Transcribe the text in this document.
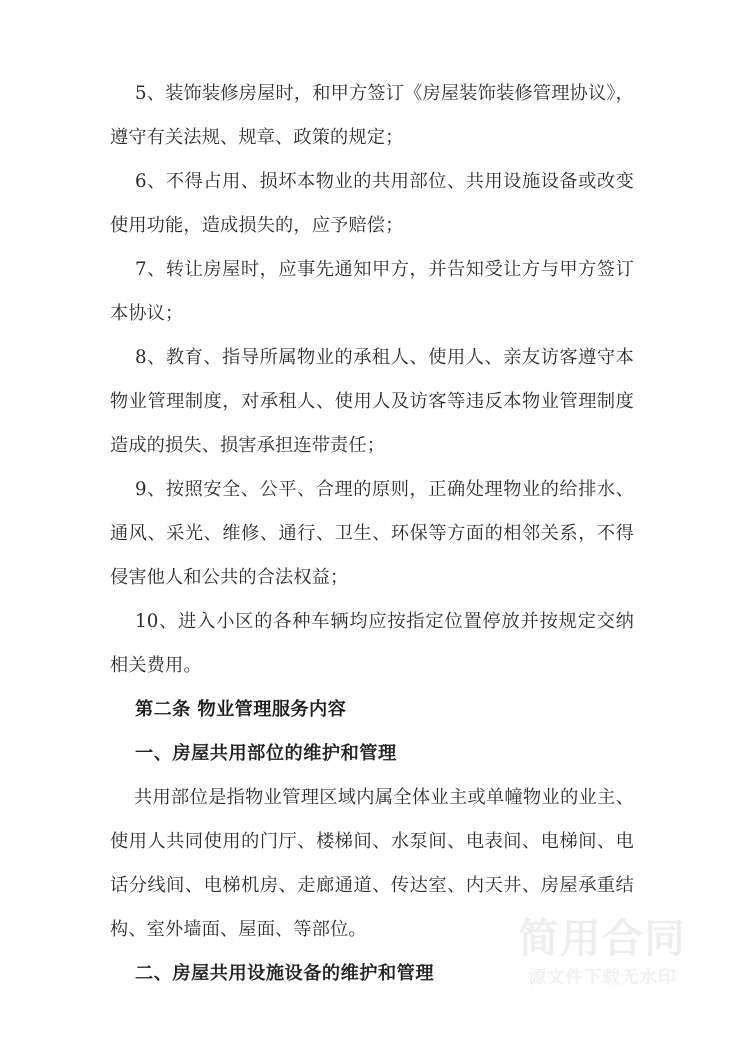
5、装饰装修房屋时，和甲方签订《房屋装饰装修管理协议》，遵守有关法规、规章、政策的规定；

6、不得占用、损坏本物业的共用部位、共用设施设备或改变使用功能，造成损失的，应予赔偿；

7、转让房屋时，应事先通知甲方，并告知受让方与甲方签订本协议；

8、教育、指导所属物业的承租人、使用人、亲友访客遵守本物业管理制度，对承租人、使用人及访客等违反本物业管理制度造成的损失、损害承担连带责任；

9、按照安全、公平、合理的原则，正确处理物业的给排水、通风、采光、维修、通行、卫生、环保等方面的相邻关系，不得侵害他人和公共的合法权益；

10、进入小区的各种车辆均应按指定位置停放并按规定交纳相关费用。

第二条 物业管理服务内容

一、房屋共用部位的维护和管理

共用部位是指物业管理区域内属全体业主或单幢物业的业主、使用人共同使用的门厅、楼梯间、水泵间、电表间、电梯间、电话分线间、电梯机房、走廊通道、传达室、内天井、房屋承重结构、室外墙面、屋面、等部位。

二、房屋共用设施设备的维护和管理

简用合同
源文件下载无水印
